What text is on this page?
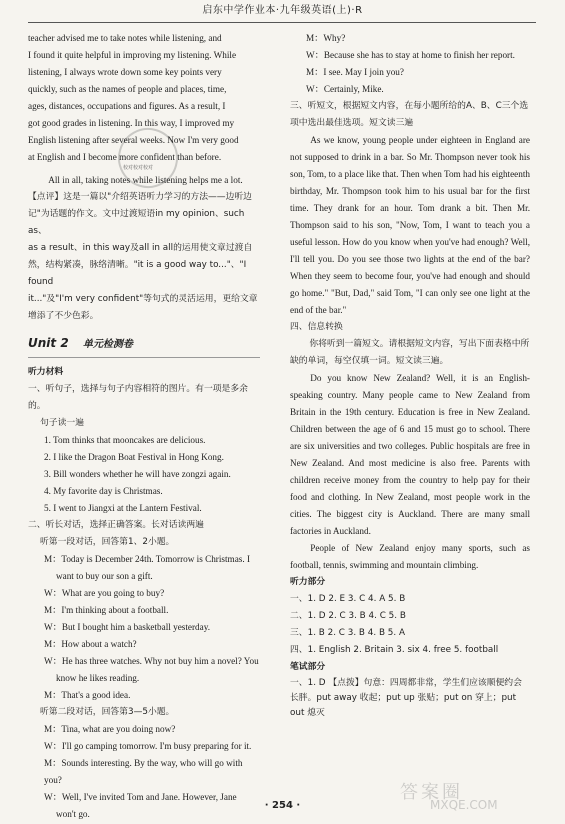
启东中学作业本·九年级英语(上)·R
teacher advised me to take notes while listening, and
I found it quite helpful in improving my listening. While
listening, I always wrote down some key points very
quickly, such as the names of people and places, time,
ages, distances, occupations and figures. As a result, I
got good grades in listening. In this way, I improved my
English listening after several weeks. Now I'm very good
at English and I become more confident than before.
校对校对校对
All in all, taking notes while listening helps me a lot.
【点评】这是一篇以"介绍英语听力学习的方法——边听边
记"为话题的作文。文中过渡短语in my opinion、such as、
as a result、in this way及all in all的运用使文章过渡自
然，结构紧凑，脉络清晰。"it is a good way to..."、"I found
it..."及"I'm very confident"等句式的灵活运用，更给文章增添了不少色彩。
Unit 2 单元检测卷
听力材料
一、听句子，选择与句子内容相符的图片。有一项是多余的。
句子读一遍
1. Tom thinks that mooncakes are delicious.
2. I like the Dragon Boat Festival in Hong Kong.
3. Bill wonders whether he will have zongzi again.
4. My favorite day is Christmas.
5. I went to Jiangxi at the Lantern Festival.
二、听长对话，选择正确答案。长对话读两遍
听第一段对话，回答第1、2小题。
M：Today is December 24th. Tomorrow is Christmas. I
want to buy our son a gift.
W：What are you going to buy?
M：I'm thinking about a football.
W：But I bought him a basketball yesterday.
M：How about a watch?
W：He has three watches. Why not buy him a novel? You
know he likes reading.
M：That's a good idea.
听第二段对话，回答第3—5小题。
M：Tina, what are you doing now?
W：I'll go camping tomorrow. I'm busy preparing for it.
M：Sounds interesting. By the way, who will go with you?
W：Well, I've invited Tom and Jane. However, Jane
won't go.
M：Why?
W：Because she has to stay at home to finish her report.
M：I see. May I join you?
W：Certainly, Mike.
三、听短文，根据短文内容，在每小题所给的A、B、C三个选项中选出最佳选项。短文读三遍
As we know, young people under eighteen in England are not supposed to drink in a bar. So Mr. Thompson never took his son, Tom, to a place like that. Then when Tom had his eighteenth birthday, Mr. Thompson took him to his usual bar for the first time. They drank for an hour. Tom drank a bit. Then Mr. Thompson said to his son, "Now, Tom, I want to teach you a useful lesson. How do you know when you've had enough? Well, I'll tell you. Do you see those two lights at the end of the bar? When they seem to become four, you've had enough and should go home." "But, Dad," said Tom, "I can only see one light at the end of the bar."
四、信息转换
你将听到一篇短文。请根据短文内容，写出下面表格中所缺的单词，每空仅填一词。短文读三遍。
Do you know New Zealand? Well, it is an English-speaking country. Many people came to New Zealand from Britain in the 19th century. Education is free in New Zealand. Children between the age of 6 and 15 must go to school. There are six universities and two colleges. Public hospitals are free in New Zealand. And most medicine is also free. Parents with children receive money from the country to help pay for their food and clothing. In New Zealand, most people work in the cities. The biggest city is Auckland. There are many small factories in Auckland.
People of New Zealand enjoy many sports, such as football, tennis, swimming and mountain climbing.
听力部分
一、1. D 2. E 3. C 4. A 5. B
二、1. D 2. C 3. B 4. C 5. B
三、1. B 2. C 3. B 4. B 5. A
四、1. English 2. Britain 3. six 4. free 5. football
笔试部分
一、1. D 【点拨】句意：四周都非常，学生们应该顺便约会长胖。put away 收起；put up 张贴；put on 穿上；put out 熄灭
答案圈
MXQE.COM
· 254 ·
